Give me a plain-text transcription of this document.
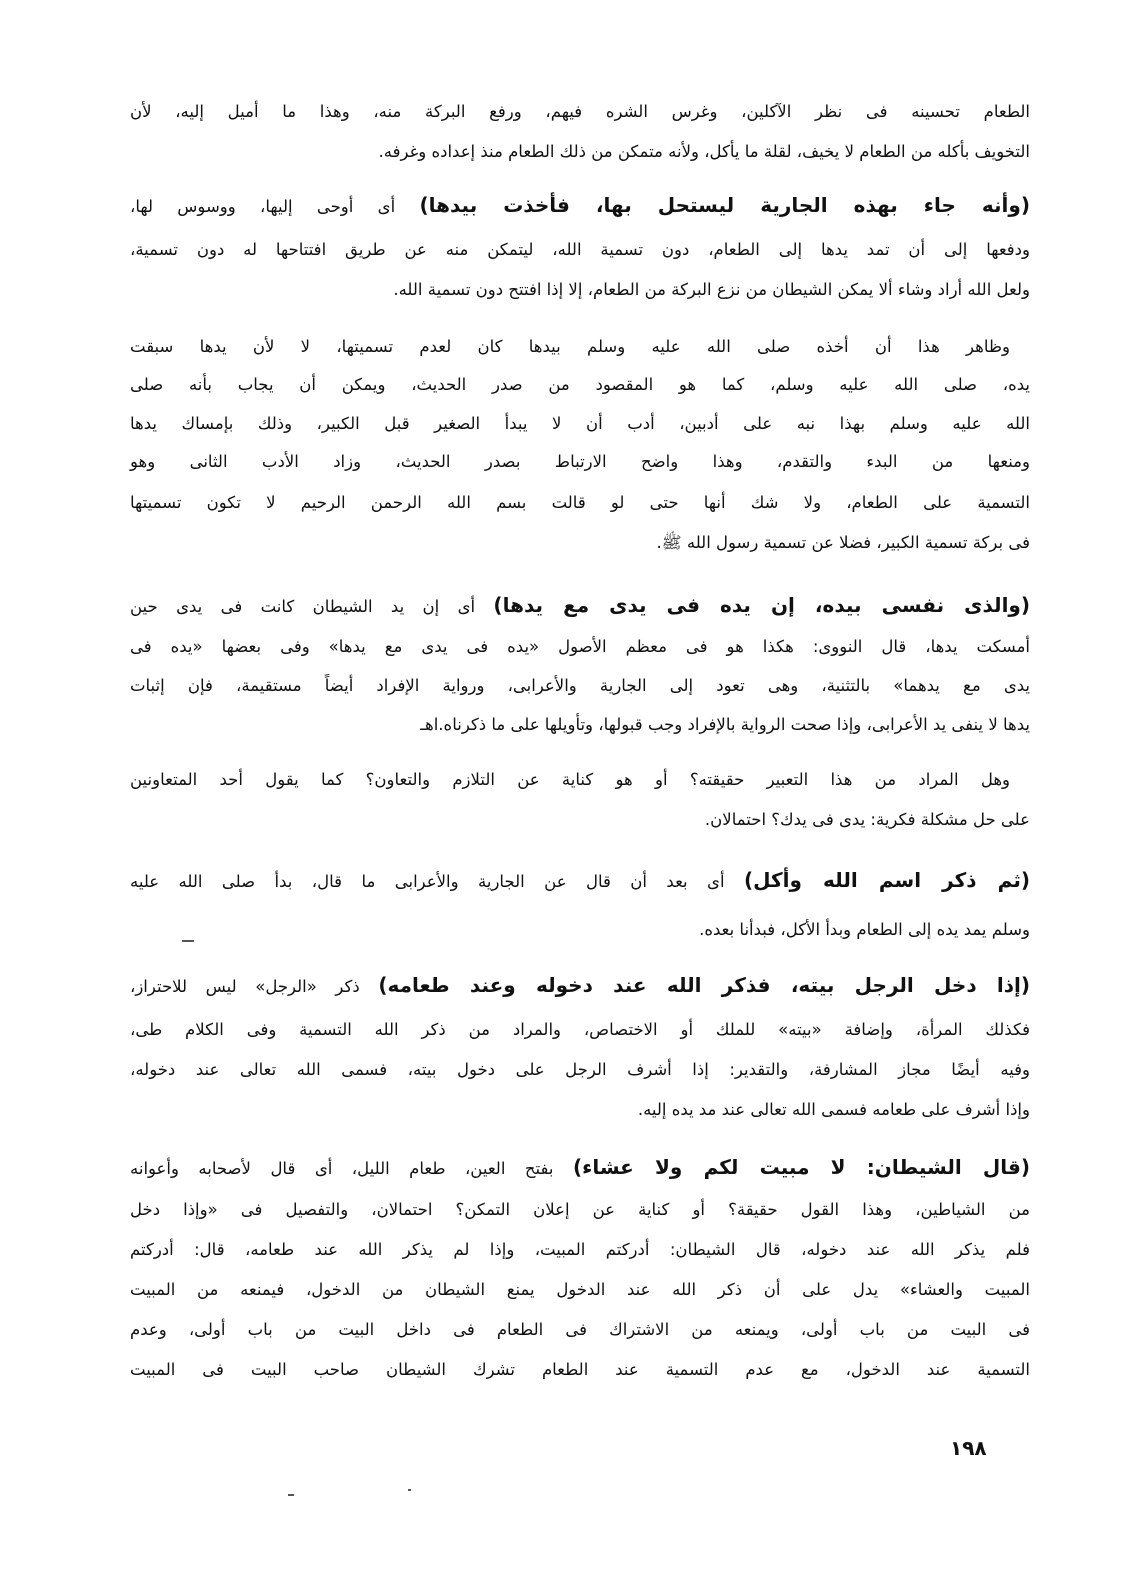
الطعام تحسينه فى نظر الآكلين، وغرس الشره فيهم، ورفع البركة منه، وهذا ما أميل إليه، لأن
التخويف بأكله من الطعام لا يخيف، لقلة ما يأكل، ولأنه متمكن من ذلك الطعام منذ إعداده وغرفه.
(وأنه جاء بهذه الجارية ليستحل بها، فأخذت بيدها) أى أوحى إليها، ووسوس لها،
ودفعها إلى أن تمد يدها إلى الطعام، دون تسمية الله، ليتمكن منه عن طريق افتتاحها له دون تسمية،
ولعل الله أراد وشاء ألا يمكن الشيطان من نزع البركة من الطعام، إلا إذا افتتح دون تسمية الله.
وظاهر هذا أن أخذه صلى الله عليه وسلم بيدها كان لعدم تسميتها، لا لأن يدها سبقت
يده، صلى الله عليه وسلم، كما هو المقصود من صدر الحديث، ويمكن أن يجاب بأنه صلى
الله عليه وسلم بهذا نبه على أدبين، أدب أن لا يبدأ الصغير قبل الكبير، وذلك بإمساك يدها
ومنعها من البدء والتقدم، وهذا واضح الارتباط بصدر الحديث، وزاد الأدب الثانى وهو
التسمية على الطعام، ولا شك أنها حتى لو قالت بسم الله الرحمن الرحيم لا تكون تسميتها
فى بركة تسمية الكبير، فضلا عن تسمية رسول الله ﷺ.
(والذى نفسى بيده، إن يده فى يدى مع يدها) أى إن يد الشيطان كانت فى يدى حين
أمسكت يدها، قال النووى: هكذا هو فى معظم الأصول «يده فى يدى مع يدها» وفى بعضها «يده فى
يدى مع يدهما» بالتثنية، وهى تعود إلى الجارية والأعرابى، ورواية الإفراد أيضاً مستقيمة، فإن إثبات
يدها لا ينفى يد الأعرابى، وإذا صحت الرواية بالإفراد وجب قبولها، وتأويلها على ما ذكرناه.اهـ
وهل المراد من هذا التعبير حقيقته؟ أو هو كناية عن التلازم والتعاون؟ كما يقول أحد المتعاونين
على حل مشكلة فكرية: يدى فى يدك؟ احتمالان.
(ثم ذكر اسم الله وأكل) أى بعد أن قال عن الجارية والأعرابى ما قال، بدأ صلى الله عليه
وسلم يمد يده إلى الطعام وبدأ الأكل، فبدأنا بعده.
(إذا دخل الرجل بيته، فذكر الله عند دخوله وعند طعامه) ذكر «الرجل» ليس للاحتراز،
فكذلك المرأة، وإضافة «بيته» للملك أو الاختصاص، والمراد من ذكر الله التسمية وفى الكلام طى،
وفيه أيضًا مجاز المشارفة، والتقدير: إذا أشرف الرجل على دخول بيته، فسمى الله تعالى عند دخوله،
وإذا أشرف على طعامه فسمى الله تعالى عند مد يده إليه.
(قال الشيطان: لا مبيت لكم ولا عشاء) بفتح العين، طعام الليل، أى قال لأصحابه وأعوانه
من الشياطين، وهذا القول حقيقة؟ أو كناية عن إعلان التمكن؟ احتمالان، والتفصيل فى «وإذا دخل
فلم يذكر الله عند دخوله، قال الشيطان: أدركتم المبيت، وإذا لم يذكر الله عند طعامه، قال: أدركتم
المبيت والعشاء» يدل على أن ذكر الله عند الدخول يمنع الشيطان من الدخول، فيمنعه من المبيت
فى البيت من باب أولى، ويمنعه من الاشتراك فى الطعام فى داخل البيت من باب أولى، وعدم
التسمية عند الدخول، مع عدم التسمية عند الطعام تشرك الشيطان صاحب البيت فى المبيت
١٩٨
